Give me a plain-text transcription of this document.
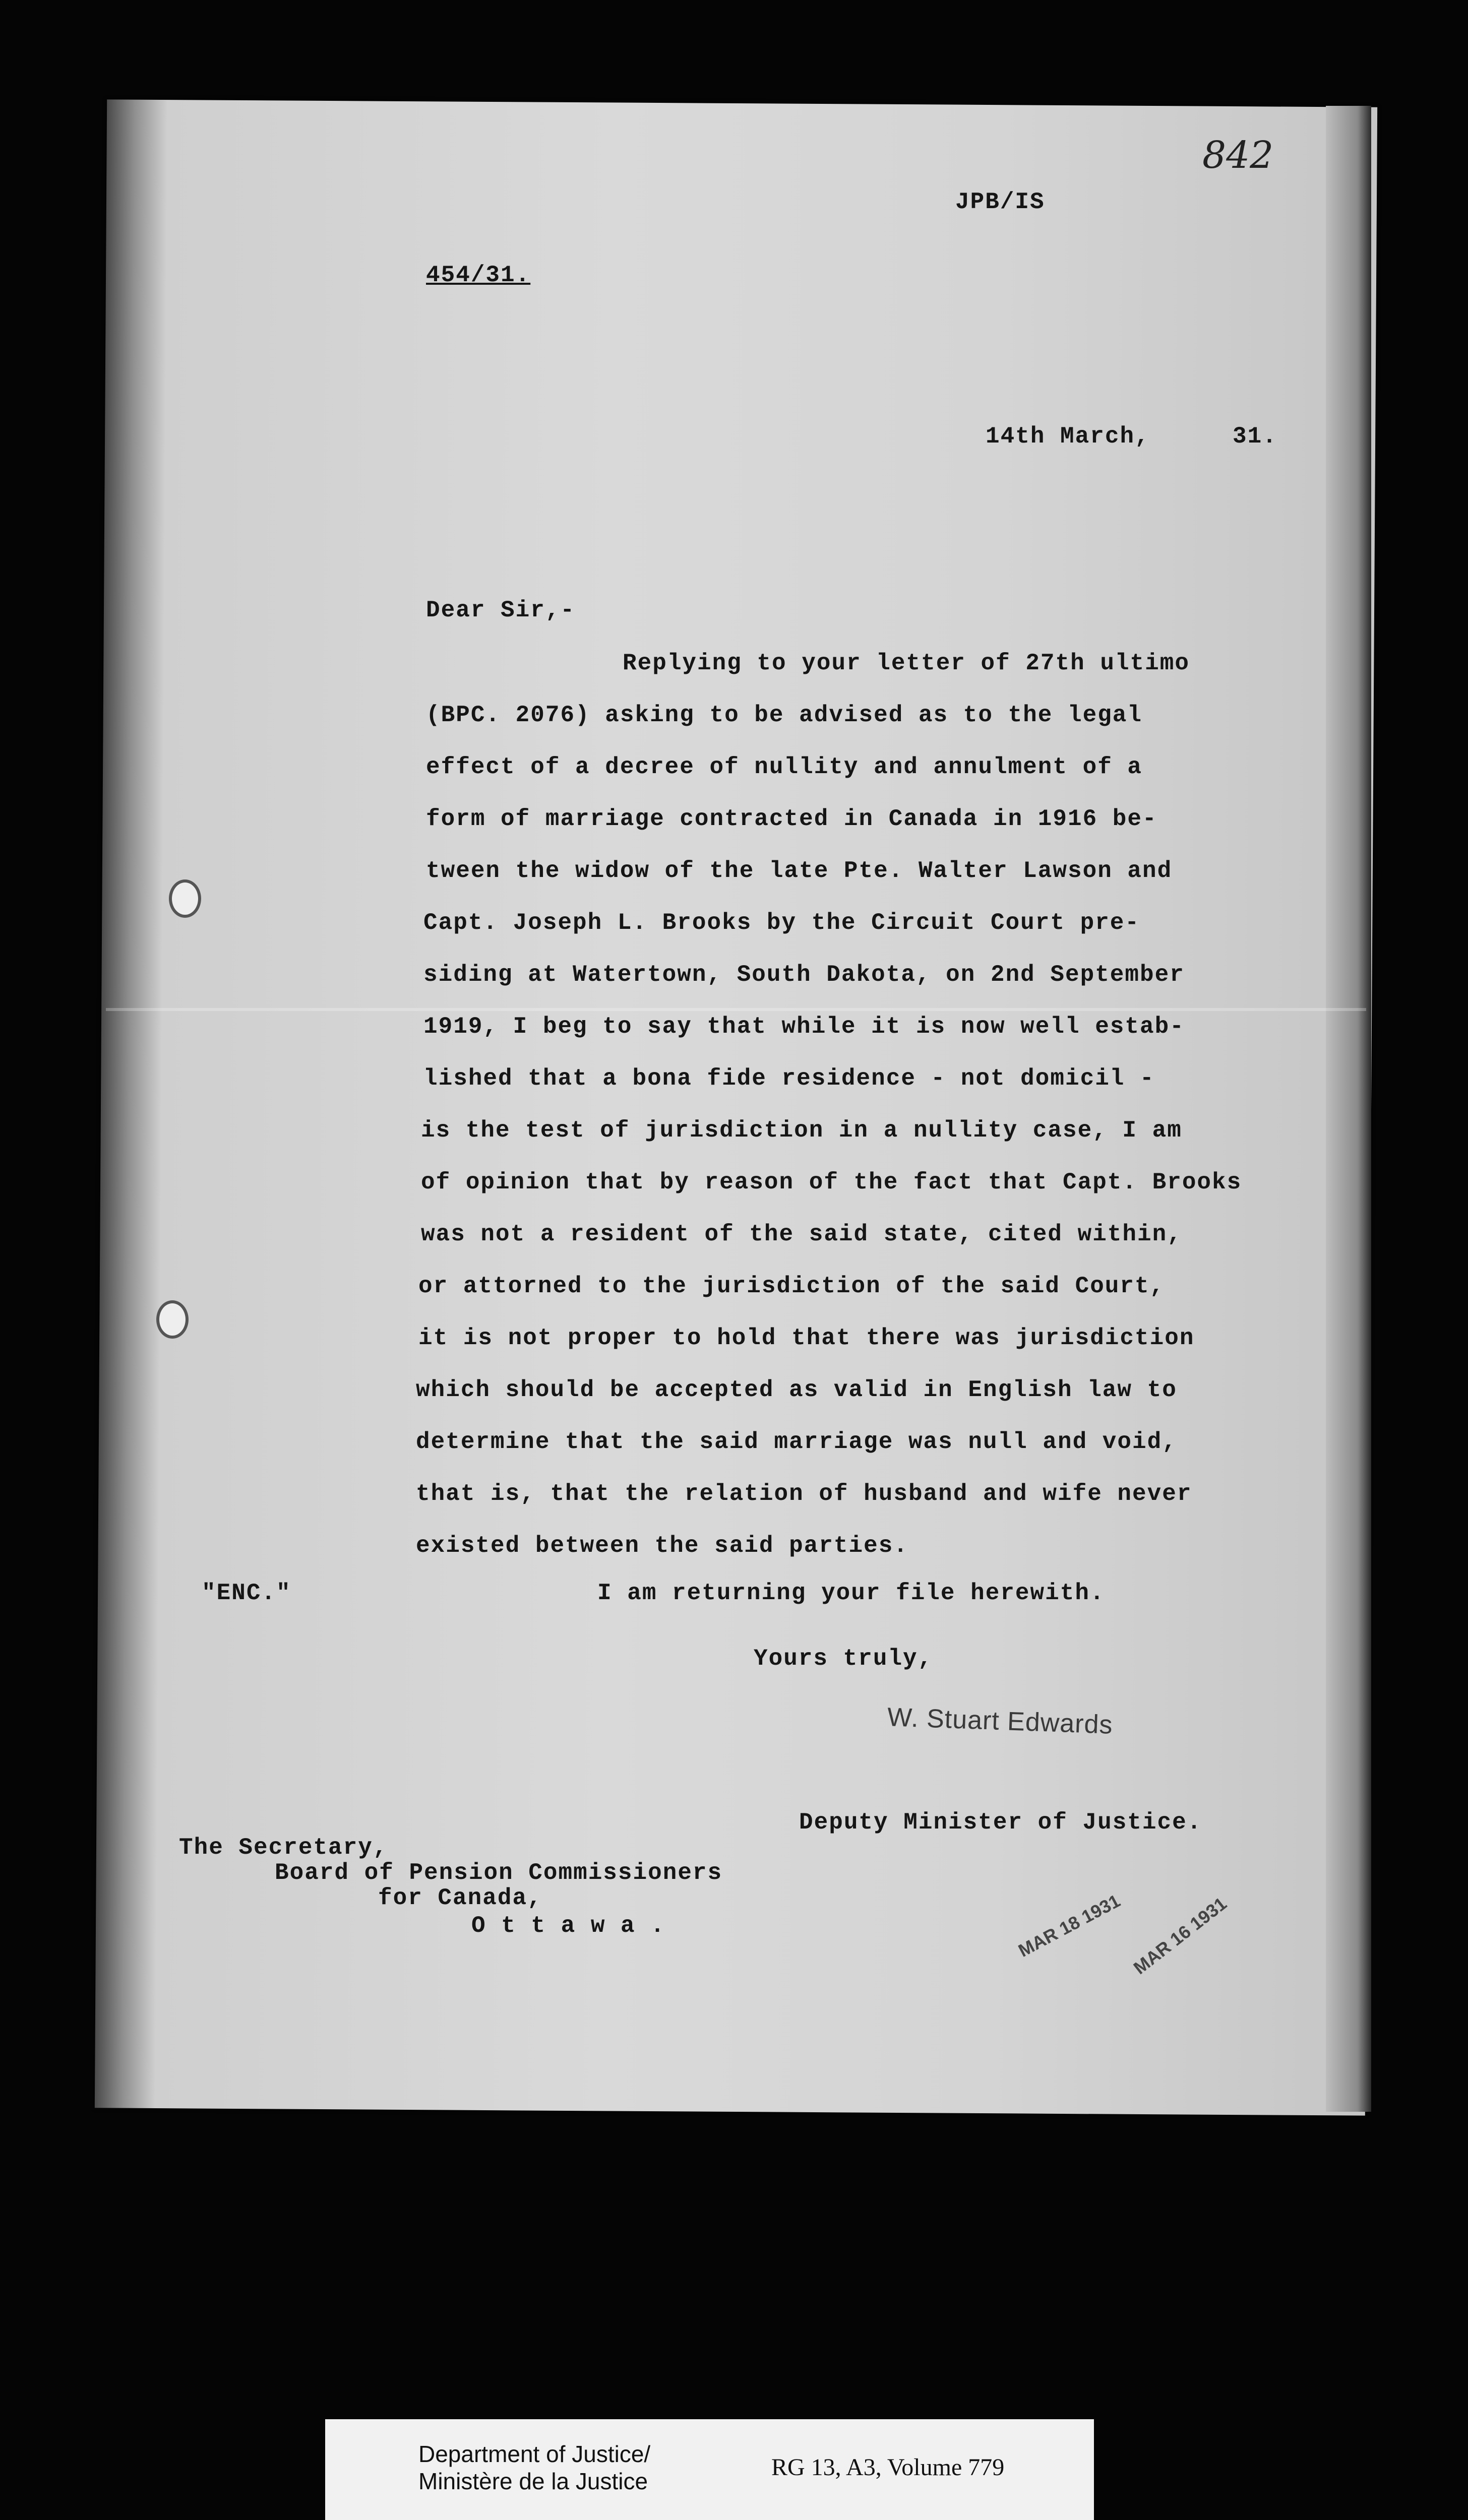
842
JPB/IS
454/31.
14th March,	31.
Dear Sir,-
Replying to your letter of 27th ultimo
(BPC. 2076) asking to be advised as to the legal
effect of a decree of nullity and annulment of a
form of marriage contracted in Canada in 1916 be-
tween the widow of the late Pte. Walter Lawson and
Capt. Joseph L. Brooks by the Circuit Court pre-
siding at Watertown, South Dakota, on 2nd September
1919, I beg to say that while it is now well estab-
lished that a bona fide residence - not domicil -
is the test of jurisdiction in a nullity case, I am
of opinion that by reason of the fact that Capt. Brooks
was not a resident of the said state, cited within,
or attorned to the jurisdiction of the said Court,
it is not proper to hold that there was jurisdiction
which should be accepted as valid in English law to
determine that the said marriage was null and void,
that is, that the relation of husband and wife never
existed between the said parties.
"ENC."	I am returning your file herewith.
Yours truly,
W. Stuart Edwards
Deputy Minister of Justice.
The Secretary,
Board of Pension Commissioners
for Canada,
O t t a w a .	MAR 18 1931 MAR 16 1931
Department of Justice/
Ministère de la Justice
RG 13, A3, Volume 779
